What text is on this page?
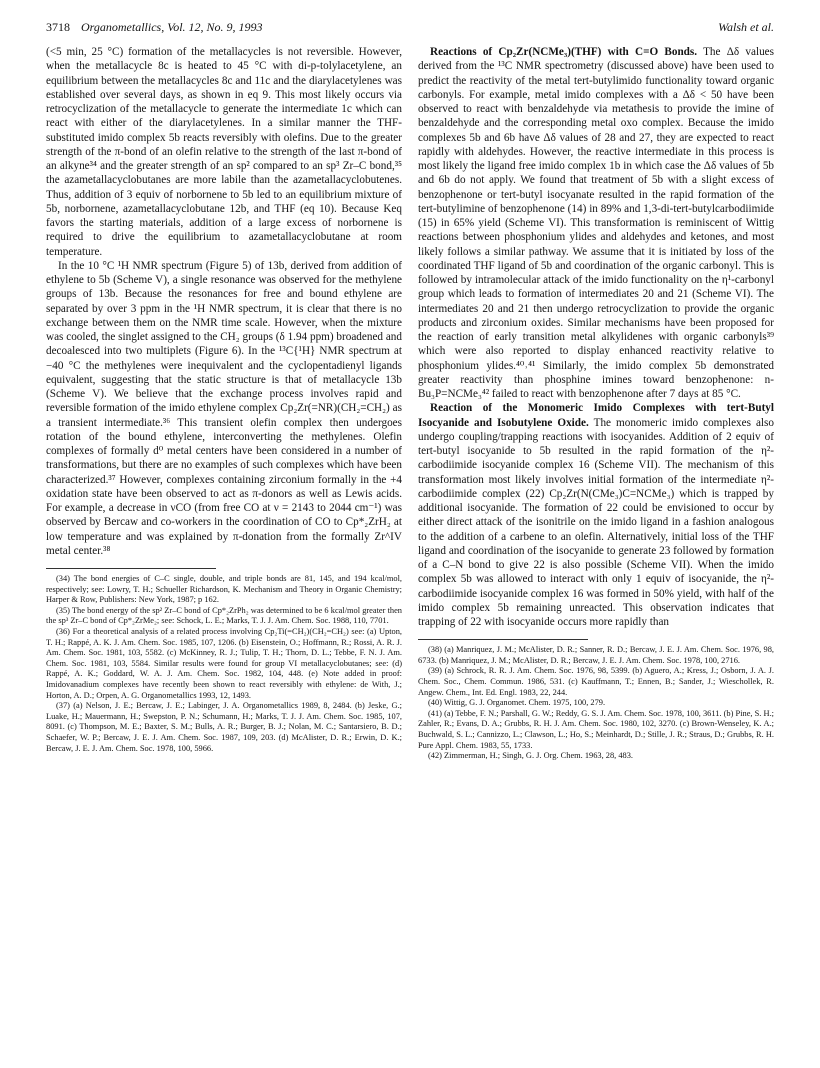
3718 Organometallics, Vol. 12, No. 9, 1993	Walsh et al.

(<5 min, 25 °C) formation of the metallacycles is not reversible. However, when the metallacycle 8c is heated to 45 °C with di-p-tolylacetylene, an equilibrium between the metallacycles 8c and 11c and the diarylacetylenes was established over several days, as shown in eq 9. This most likely occurs via retrocyclization of the metallacycle to generate the intermediate 1c which can react with either of the diarylacetylenes. In a similar manner the THF-substituted imido complex 5b reacts reversibly with olefins. Due to the greater strength of the π-bond of an olefin relative to the strength of the last π-bond of an alkyne³⁴ and the greater strength of an sp² compared to an sp³ Zr–C bond,³⁵ the azametallacyclobutanes are more labile than the azametallacyclobutenes. Thus, addition of 3 equiv of norbornene to 5b led to an equilibrium mixture of 5b, norbornene, azametallacyclobutane 12b, and THF (eq 10). Because Keq favors the starting materials, addition of a large excess of norbornene is required to drive the equilibrium to azametallacyclobutane at room temperature.

In the 10 °C ¹H NMR spectrum (Figure 5) of 13b, derived from addition of ethylene to 5b (Scheme V), a single resonance was observed for the methylene groups of 13b. Because the resonances for free and bound ethylene are separated by over 3 ppm in the ¹H NMR spectrum, it is clear that there is no exchange between them on the NMR time scale. However, when the mixture was cooled, the singlet assigned to the CH₂ groups (δ 1.94 ppm) broadened and decoalesced into two multiplets (Figure 6). In the ¹³C{¹H} NMR spectrum at −40 °C the methylenes were inequivalent and the cyclopentadienyl ligands equivalent, suggesting that the static structure is that of metallacycle 13b (Scheme V). We believe that the exchange process involves rapid and reversible formation of the imido ethylene complex Cp₂Zr(=NR)(CH₂=CH₂) as a transient intermediate.³⁶ This transient olefin complex then undergoes rotation of the bound ethylene, interconverting the methylenes. Olefin complexes of formally d⁰ metal centers have been considered in a number of transformations, but there are no examples of such complexes which have been characterized.³⁷ However, complexes containing zirconium formally in the +4 oxidation state have been observed to act as π-donors as well as Lewis acids. For example, a decrease in νCO (from free CO at ν = 2143 to 2044 cm⁻¹) was observed by Bercaw and co-workers in the coordination of CO to Cp*₂ZrH₂ at low temperature and was explained by π-donation from the formally Zr^IV metal center.³⁸

(34) The bond energies of C–C single, double, and triple bonds are 81, 145, and 194 kcal/mol, respectively; see: Lowry, T. H.; Schueller Richardson, K. Mechanism and Theory in Organic Chemistry; Harper & Row, Publishers: New York, 1987; p 162.

(35) The bond energy of the sp² Zr–C bond of Cp*₂ZrPh₂ was determined to be 6 kcal/mol greater then the sp³ Zr–C bond of Cp*₂ZrMe₂; see: Schock, L. E.; Marks, T. J. J. Am. Chem. Soc. 1988, 110, 7701.

(36) For a theoretical analysis of a related process involving Cp₂Ti(=CH₂)(CH₂=CH₂) see: (a) Upton, T. H.; Rappé, A. K. J. Am. Chem. Soc. 1985, 107, 1206. (b) Eisenstein, O.; Hoffmann, R.; Rossi, A. R. J. Am. Chem. Soc. 1981, 103, 5582. (c) McKinney, R. J.; Tulip, T. H.; Thorn, D. L.; Tebbe, F. N. J. Am. Chem. Soc. 1981, 103, 5584. Similar results were found for group VI metallacyclobutanes; see: (d) Rappé, A. K.; Goddard, W. A. J. Am. Chem. Soc. 1982, 104, 448. (e) Note added in proof: Imidovanadium complexes have recently been shown to react reversibly with ethylene: de With, J.; Horton, A. D.; Orpen, A. G. Organometallics 1993, 12, 1493.

(37) (a) Nelson, J. E.; Bercaw, J. E.; Labinger, J. A. Organometallics 1989, 8, 2484. (b) Jeske, G.; Luake, H.; Mauermann, H.; Swepston, P. N.; Schumann, H.; Marks, T. J. J. Am. Chem. Soc. 1985, 107, 8091. (c) Thompson, M. E.; Baxter, S. M.; Bulls, A. R.; Burger, B. J.; Nolan, M. C.; Santarsiero, B. D.; Schaefer, W. P.; Bercaw, J. E. J. Am. Chem. Soc. 1987, 109, 203. (d) McAlister, D. R.; Erwin, D. K.; Bercaw, J. E. J. Am. Chem. Soc. 1978, 100, 5966.

Reactions of Cp₂Zr(NCMe₃)(THF) with C=O Bonds. The Δδ values derived from the ¹³C NMR spectrometry (discussed above) have been used to predict the reactivity of the metal tert-butylimido functionality toward organic carbonyls. For example, metal imido complexes with a Δδ < 50 have been observed to react with benzaldehyde via metathesis to provide the imine of benzaldehyde and the corresponding metal oxo complex. Because the imido complexes 5b and 6b have Δδ values of 28 and 27, they are expected to react rapidly with aldehydes. However, the reactive intermediate in this process is most likely the ligand free imido complex 1b in which case the Δδ values of 5b and 6b do not apply. We found that treatment of 5b with a slight excess of benzophenone or tert-butyl isocyanate resulted in the rapid formation of the tert-butylimine of benzophenone (14) in 89% and 1,3-di-tert-butylcarbodiimide (15) in 65% yield (Scheme VI). This transformation is reminiscent of Wittig reactions between phosphonium ylides and aldehydes and ketones, and most likely follows a similar pathway. We assume that it is initiated by loss of the coordinated THF ligand of 5b and coordination of the organic carbonyl. This is followed by intramolecular attack of the imido functionality on the η¹-carbonyl group which leads to formation of intermediates 20 and 21 (Scheme VI). The intermediates 20 and 21 then undergo retrocyclization to provide the organic products and zirconium oxides. Similar mechanisms have been proposed for the reaction of early transition metal alkylidenes with organic carbonyls³⁹ which were also reported to display enhanced reactivity relative to phosphonium ylides.⁴⁰˒⁴¹ Similarly, the imido complex 5b demonstrated greater reactivity than phosphine imines toward benzophenone: n-Bu₃P=NCMe₃⁴² failed to react with benzophenone after 7 days at 85 °C.

Reaction of the Monomeric Imido Complexes with tert-Butyl Isocyanide and Isobutylene Oxide. The monomeric imido complexes also undergo coupling/trapping reactions with isocyanides. Addition of 2 equiv of tert-butyl isocyanide to 5b resulted in the rapid formation of the η²-carbodiimide isocyanide complex 16 (Scheme VII). The mechanism of this transformation most likely involves initial formation of the intermediate η²-carbodiimide complex (22) Cp₂Zr(N(CMe₃)C=NCMe₃) which is trapped by additional isocyanide. The formation of 22 could be envisioned to occur by either direct attack of the isonitrile on the imido ligand in a fashion analogous to the addition of a carbene to an olefin. Alternatively, initial loss of the THF ligand and coordination of the isocyanide to generate 23 followed by formation of a C–N bond to give 22 is also possible (Scheme VII). When the imido complex 5b was allowed to interact with only 1 equiv of isocyanide, the η²-carbodiimide isocyanide complex 16 was formed in 50% yield, with half of the imido complex 5b remaining unreacted. This observation indicates that trapping of 22 with isocyanide occurs more rapidly than

(38) (a) Manriquez, J. M.; McAlister, D. R.; Sanner, R. D.; Bercaw, J. E. J. Am. Chem. Soc. 1976, 98, 6733. (b) Manriquez, J. M.; McAlister, D. R.; Bercaw, J. E. J. Am. Chem. Soc. 1978, 100, 2716.

(39) (a) Schrock, R. R. J. Am. Chem. Soc. 1976, 98, 5399. (b) Aguero, A.; Kress, J.; Osborn, J. A. J. Chem. Soc., Chem. Commun. 1986, 531. (c) Kauffmann, T.; Ennen, B.; Sander, J.; Wieschollek, R. Angew. Chem., Int. Ed. Engl. 1983, 22, 244.

(40) Wittig, G. J. Organomet. Chem. 1975, 100, 279.

(41) (a) Tebbe, F. N.; Parshall, G. W.; Reddy, G. S. J. Am. Chem. Soc. 1978, 100, 3611. (b) Pine, S. H.; Zahler, R.; Evans, D. A.; Grubbs, R. H. J. Am. Chem. Soc. 1980, 102, 3270. (c) Brown-Wenseley, K. A.; Buchwald, S. L.; Cannizzo, L.; Clawson, L.; Ho, S.; Meinhardt, D.; Stille, J. R.; Straus, D.; Grubbs, R. H. Pure Appl. Chem. 1983, 55, 1733.

(42) Zimmerman, H.; Singh, G. J. Org. Chem. 1963, 28, 483.
